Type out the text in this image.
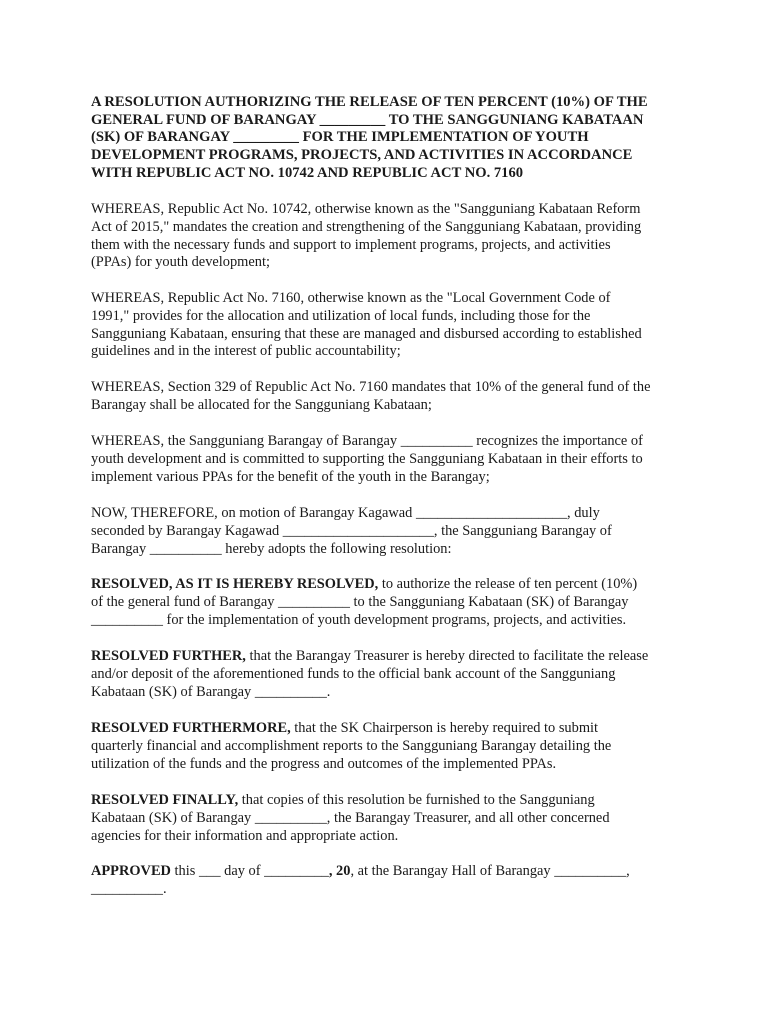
A RESOLUTION AUTHORIZING THE RELEASE OF TEN PERCENT (10%) OF THE
GENERAL FUND OF BARANGAY _________ TO THE SANGGUNIANG KABATAAN
(SK) OF BARANGAY _________ FOR THE IMPLEMENTATION OF YOUTH
DEVELOPMENT PROGRAMS, PROJECTS, AND ACTIVITIES IN ACCORDANCE
WITH REPUBLIC ACT NO. 10742 AND REPUBLIC ACT NO. 7160
WHEREAS, Republic Act No. 10742, otherwise known as the "Sangguniang Kabataan Reform
Act of 2015," mandates the creation and strengthening of the Sangguniang Kabataan, providing
them with the necessary funds and support to implement programs, projects, and activities
(PPAs) for youth development;
WHEREAS, Republic Act No. 7160, otherwise known as the "Local Government Code of
1991," provides for the allocation and utilization of local funds, including those for the
Sangguniang Kabataan, ensuring that these are managed and disbursed according to established
guidelines and in the interest of public accountability;
WHEREAS, Section 329 of Republic Act No. 7160 mandates that 10% of the general fund of the
Barangay shall be allocated for the Sangguniang Kabataan;
WHEREAS, the Sangguniang Barangay of Barangay __________ recognizes the importance of
youth development and is committed to supporting the Sangguniang Kabataan in their efforts to
implement various PPAs for the benefit of the youth in the Barangay;
NOW, THEREFORE, on motion of Barangay Kagawad _____________________, duly
seconded by Barangay Kagawad _____________________, the Sangguniang Barangay of
Barangay __________ hereby adopts the following resolution:
RESOLVED, AS IT IS HEREBY RESOLVED, to authorize the release of ten percent (10%)
of the general fund of Barangay __________ to the Sangguniang Kabataan (SK) of Barangay
__________ for the implementation of youth development programs, projects, and activities.
RESOLVED FURTHER, that the Barangay Treasurer is hereby directed to facilitate the release
and/or deposit of the aforementioned funds to the official bank account of the Sangguniang
Kabataan (SK) of Barangay __________.
RESOLVED FURTHERMORE, that the SK Chairperson is hereby required to submit
quarterly financial and accomplishment reports to the Sangguniang Barangay detailing the
utilization of the funds and the progress and outcomes of the implemented PPAs.
RESOLVED FINALLY, that copies of this resolution be furnished to the Sangguniang
Kabataan (SK) of Barangay __________, the Barangay Treasurer, and all other concerned
agencies for their information and appropriate action.
APPROVED this ___ day of _________, 20, at the Barangay Hall of Barangay __________,
__________.
